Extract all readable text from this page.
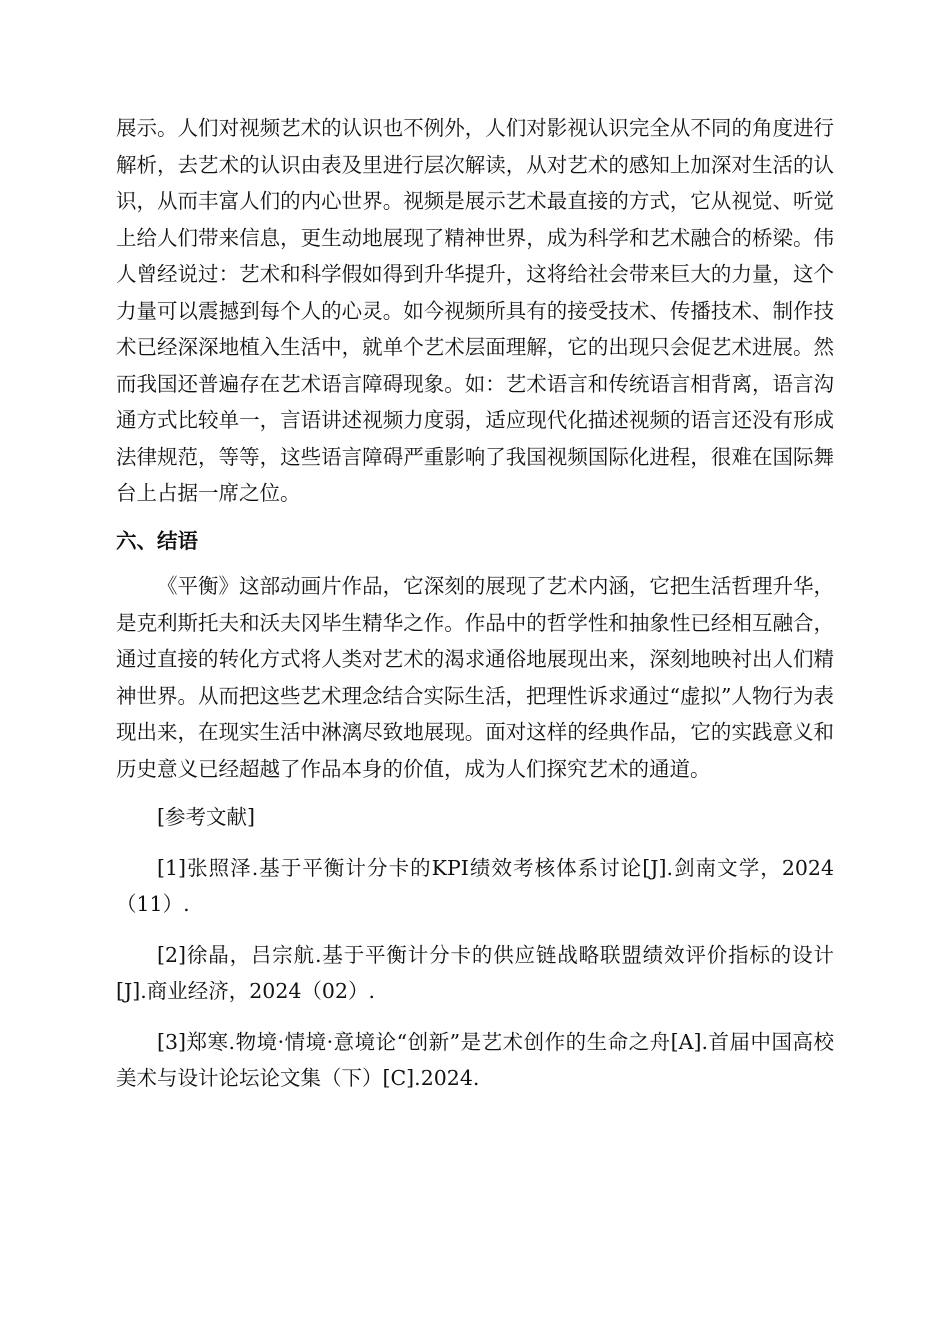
展示。人们对视频艺术的认识也不例外，人们对影视认识完全从不同的角度进行解析，去艺术的认识由表及里进行层次解读，从对艺术的感知上加深对生活的认识，从而丰富人们的内心世界。视频是展示艺术最直接的方式，它从视觉、听觉上给人们带来信息，更生动地展现了精神世界，成为科学和艺术融合的桥梁。伟人曾经说过：艺术和科学假如得到升华提升，这将给社会带来巨大的力量，这个力量可以震撼到每个人的心灵。如今视频所具有的接受技术、传播技术、制作技术已经深深地植入生活中，就单个艺术层面理解，它的出现只会促艺术进展。然而我国还普遍存在艺术语言障碍现象。如：艺术语言和传统语言相背离，语言沟通方式比较单一，言语讲述视频力度弱，适应现代化描述视频的语言还没有形成法律规范，等等，这些语言障碍严重影响了我国视频国际化进程，很难在国际舞台上占据一席之位。

六、结语

《平衡》这部动画片作品，它深刻的展现了艺术内涵，它把生活哲理升华，是克利斯托夫和沃夫冈毕生精华之作。作品中的哲学性和抽象性已经相互融合，通过直接的转化方式将人类对艺术的渴求通俗地展现出来，深刻地映衬出人们精神世界。从而把这些艺术理念结合实际生活，把理性诉求通过“虚拟”人物行为表现出来，在现实生活中淋漓尽致地展现。面对这样的经典作品，它的实践意义和历史意义已经超越了作品本身的价值，成为人们探究艺术的通道。

[参考文献]

[1]张照泽.基于平衡计分卡的KPI绩效考核体系讨论[J].剑南文学，2024（11）.

[2]徐晶，吕宗航.基于平衡计分卡的供应链战略联盟绩效评价指标的设计[J].商业经济，2024（02）.

[3]郑寒.物境·情境·意境论“创新”是艺术创作的生命之舟[A].首届中国高校美术与设计论坛论文集（下）[C].2024.
